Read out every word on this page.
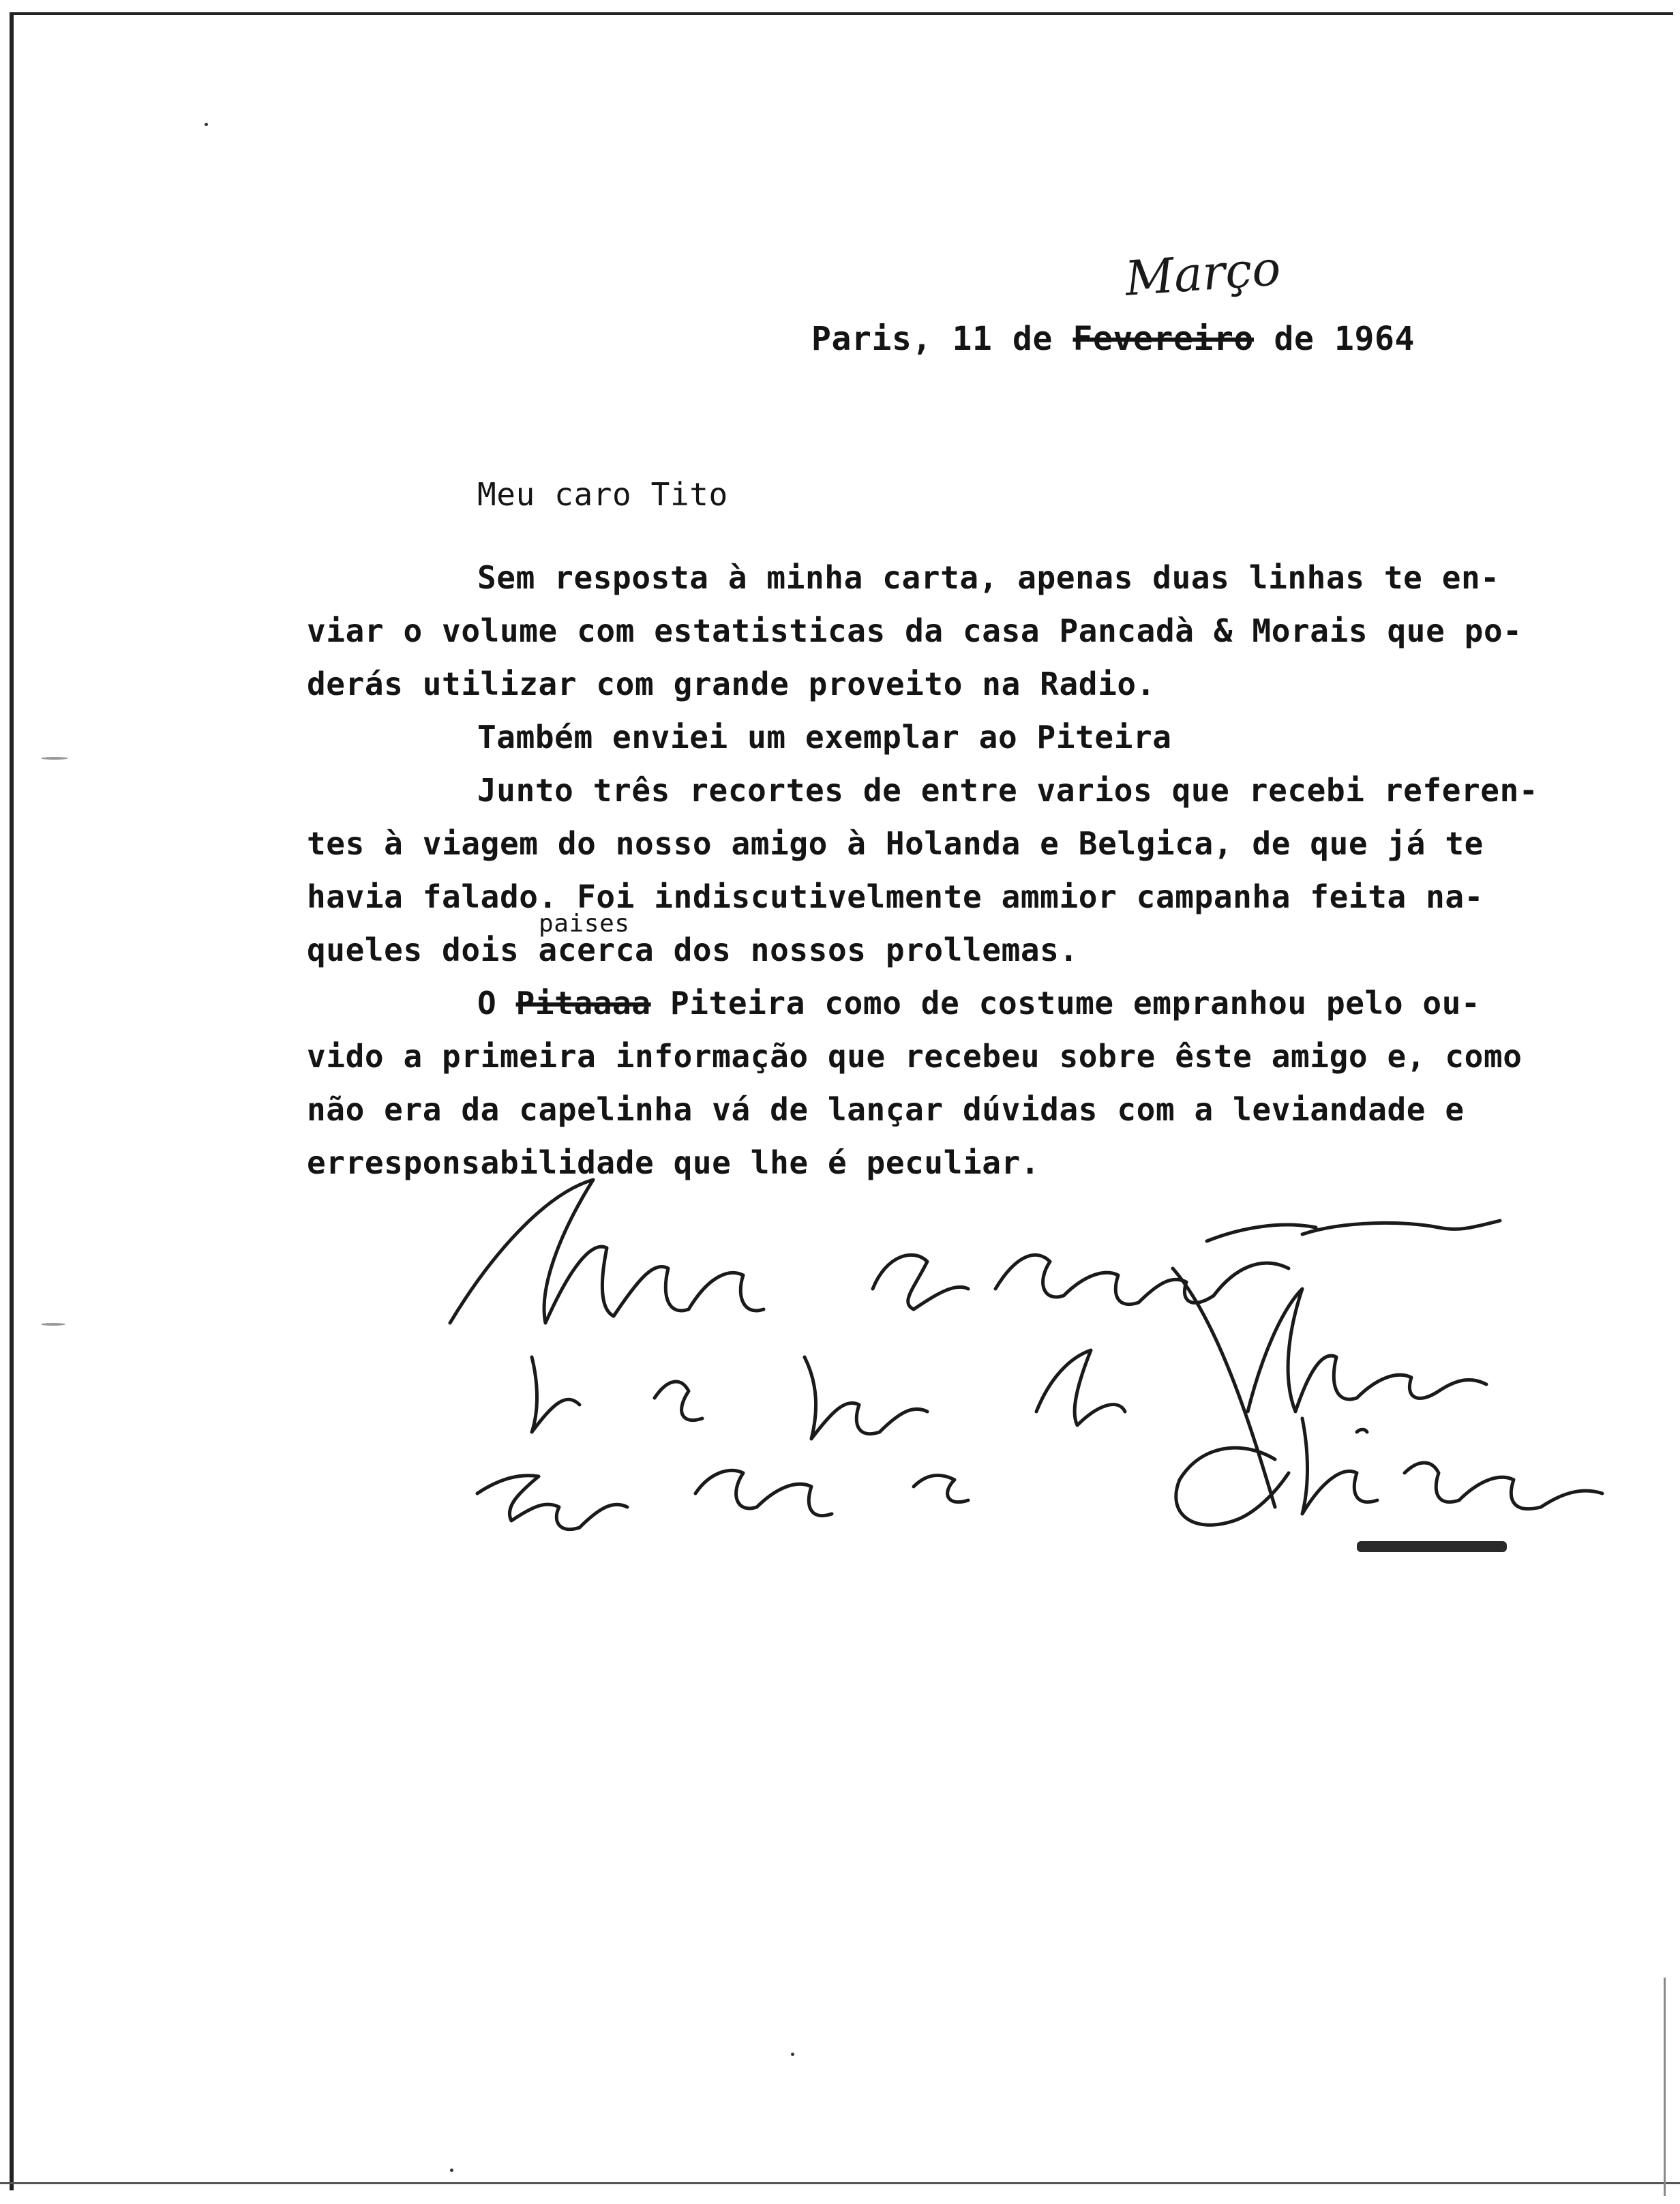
Março
Paris, 11 de Fevereiro de 1964
Meu caro Tito
Sem resposta à minha carta, apenas duas linhas te en-
viar o volume com estatisticas da casa Pancadà & Morais que po-
derás utilizar com grande proveito na Radio.
Também enviei um exemplar ao Piteira
Junto três recortes de entre varios que recebi referen-
tes à viagem do nosso amigo à Holanda e Belgica, de que já te
havia falado. Foi indiscutivelmente ammior campanha feita na-
paises
queles dois acerca dos nossos prollemas.
O Pitaaaa Piteira como de costume empranhou pelo ou-
vido a primeira informação que recebeu sobre êste amigo e, como
não era da capelinha vá de lançar dúvidas com a leviandade e
erresponsabilidade que lhe é peculiar.
